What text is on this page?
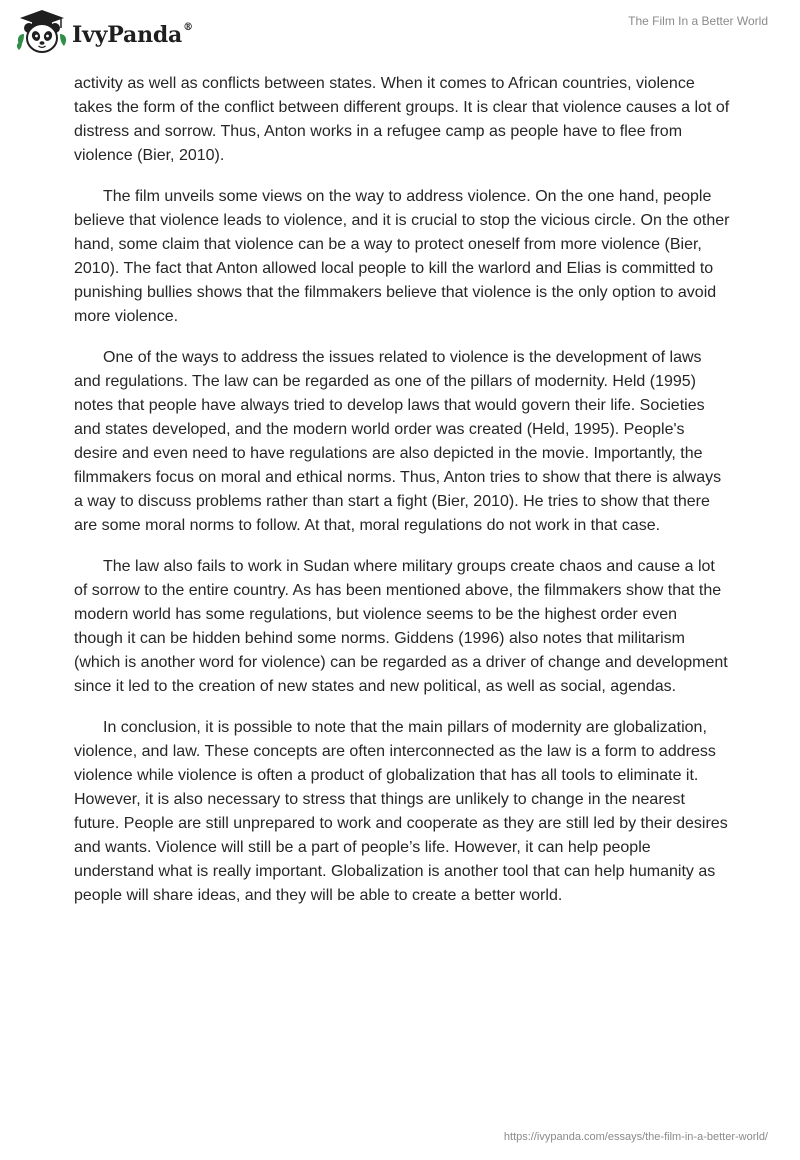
IvyPanda®	The Film In a Better World

activity as well as conflicts between states. When it comes to African countries, violence takes the form of the conflict between different groups. It is clear that violence causes a lot of distress and sorrow. Thus, Anton works in a refugee camp as people have to flee from violence (Bier, 2010).

The film unveils some views on the way to address violence. On the one hand, people believe that violence leads to violence, and it is crucial to stop the vicious circle. On the other hand, some claim that violence can be a way to protect oneself from more violence (Bier, 2010). The fact that Anton allowed local people to kill the warlord and Elias is committed to punishing bullies shows that the filmmakers believe that violence is the only option to avoid more violence.

One of the ways to address the issues related to violence is the development of laws and regulations. The law can be regarded as one of the pillars of modernity. Held (1995) notes that people have always tried to develop laws that would govern their life. Societies and states developed, and the modern world order was created (Held, 1995). People's desire and even need to have regulations are also depicted in the movie. Importantly, the filmmakers focus on moral and ethical norms. Thus, Anton tries to show that there is always a way to discuss problems rather than start a fight (Bier, 2010). He tries to show that there are some moral norms to follow. At that, moral regulations do not work in that case.

The law also fails to work in Sudan where military groups create chaos and cause a lot of sorrow to the entire country. As has been mentioned above, the filmmakers show that the modern world has some regulations, but violence seems to be the highest order even though it can be hidden behind some norms. Giddens (1996) also notes that militarism (which is another word for violence) can be regarded as a driver of change and development since it led to the creation of new states and new political, as well as social, agendas.

In conclusion, it is possible to note that the main pillars of modernity are globalization, violence, and law. These concepts are often interconnected as the law is a form to address violence while violence is often a product of globalization that has all tools to eliminate it. However, it is also necessary to stress that things are unlikely to change in the nearest future. People are still unprepared to work and cooperate as they are still led by their desires and wants. Violence will still be a part of people’s life. However, it can help people understand what is really important. Globalization is another tool that can help humanity as people will share ideas, and they will be able to create a better world.

https://ivypanda.com/essays/the-film-in-a-better-world/
